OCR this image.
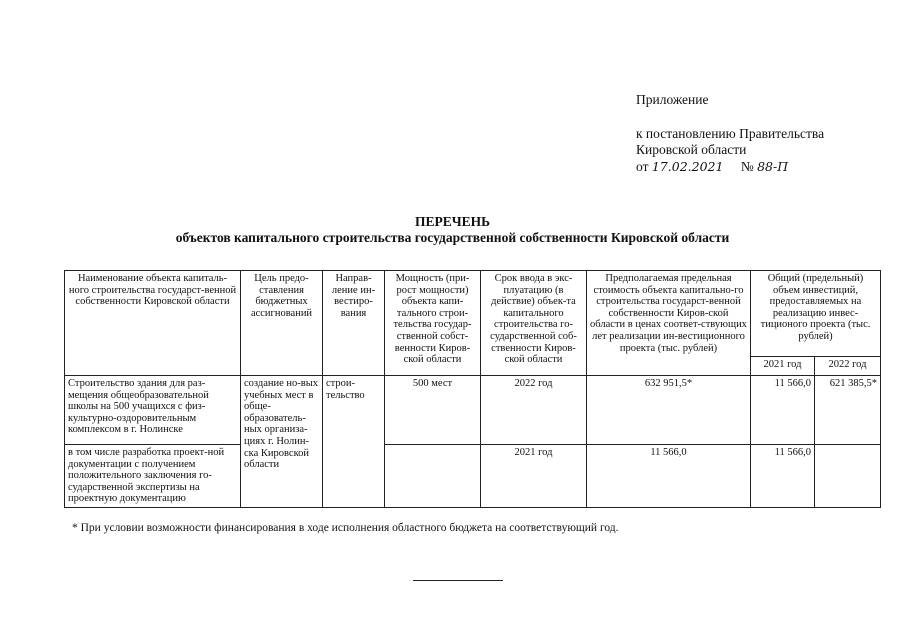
Приложение
к постановлению Правительства
Кировской области
от 17.02.2021 № 88-П
ПЕРЕЧЕНЬ
объектов капитального строительства государственной собственности Кировской области
Наименование объекта капиталь-ного строительства государст-венной собственности Кировской области	Цель предо-ставления бюджетных ассигнований	Направ-ление ин-вестиро-вания	Мощность (при-рост мощности) объекта капи-тального строи-тельства государ-ственной собст-венности Киров-ской области	Срок ввода в экс-плуатацию (в действие) объек-та капитального строительства го-сударственной соб-ственности Киров-ской области	Предполагаемая предельная стоимость объекта капитально-го строительства государст-венной собственности Киров-ской области в ценах соответ-ствующих лет реализации ин-вестиционного проекта (тыс. рублей)	Общий (предельный) объем инвестиций, предоставляемых на реализацию инвес-тиционого проекта (тыс. рублей)	
						2021 год	2022 год
Строительство здания для раз-мещения общеобразовательной школы на 500 учащихся с физ-культурно-оздоровительным комплексом в г. Нолинске	создание но-вых учебных мест в обще-образователь-ных организа-циях г. Нолин-ска Кировской области	строи-тельство	500 мест	2022 год	632 951,5*	11 566,0	621 385,5*
в том числе разработка проект-ной документации с получением положительного заключения го-сударственной экспертизы на проектную документацию				2021 год	11 566,0	11 566,0	
* При условии возможности финансирования в ходе исполнения областного бюджета на соответствующий год.
